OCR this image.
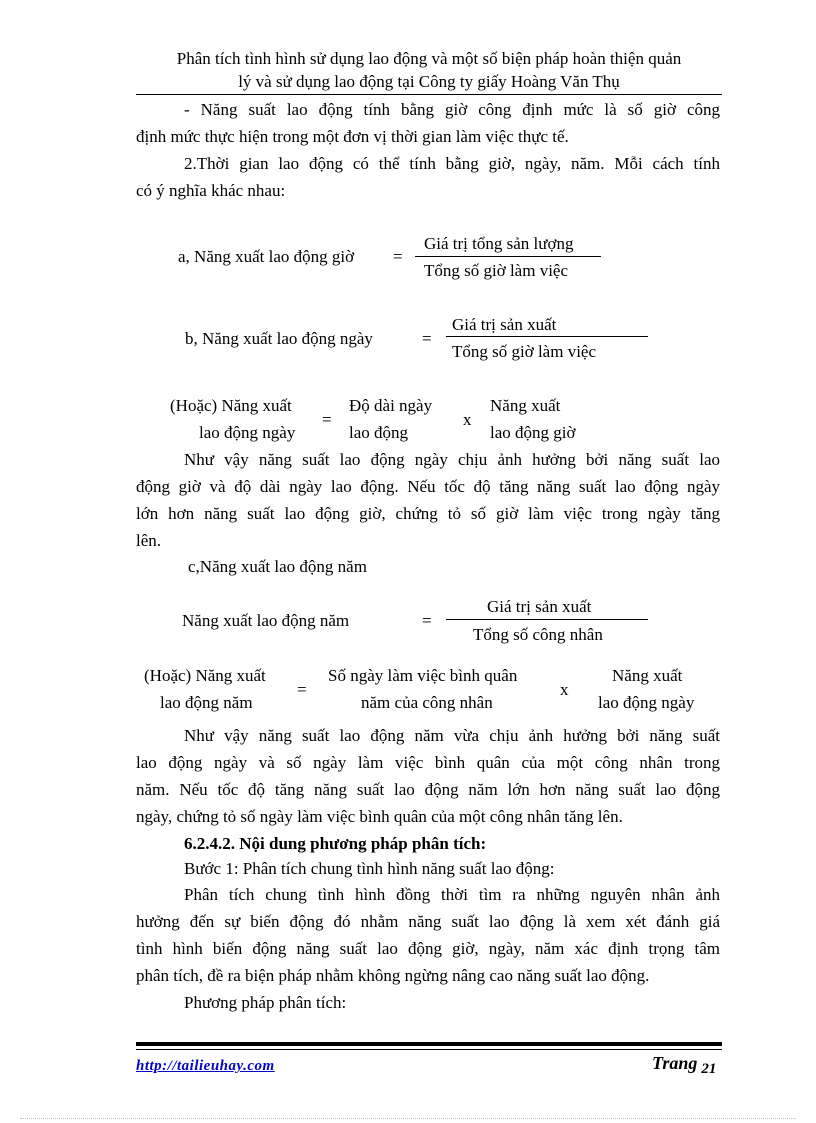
Phân tích tình hình sử dụng lao động và một số biện pháp hoàn thiện quản
lý và sử dụng lao động tại Công ty giấy Hoàng Văn Thụ
- Năng suất lao động tính bằng giờ công định mức là số giờ công
định mức thực hiện trong một đơn vị thời gian làm việc thực tế.
2.Thời gian lao động có thể tính bằng giờ, ngày, năm. Mỗi cách tính
có ý nghĩa khác nhau:
a, Năng xuất lao động giờ =
Giá trị tổng sản lượng
Tổng số giờ làm việc
b, Năng xuất lao động ngày	=
Giá trị sản xuất
Tổng số giờ làm việc
(Hoặc) Năng xuất
lao động ngày
=
Độ dài ngày
lao động
x
Năng xuất
lao động giờ
Như vậy năng suất lao động ngày chịu ảnh hưởng bởi năng suất lao
động giờ và độ dài ngày lao động. Nếu tốc độ tăng năng suất lao động ngày
lớn hơn năng suất lao động giờ, chứng tỏ số giờ làm việc trong ngày tăng
lên.
c,Năng xuất lao động năm
Năng xuất lao động năm	=
Giá trị sản xuất
Tổng số công nhân
(Hoặc) Năng xuất
lao động năm
=
Số ngày làm việc bình quân
năm của công nhân
x
Năng xuất
lao động ngày
Như vậy năng suất lao động năm vừa chịu ảnh hưởng bởi năng suất
lao động ngày và số ngày làm việc bình quân của một công nhân trong
năm. Nếu tốc độ tăng năng suất lao động năm lớn hơn năng suất lao động
ngày, chứng tỏ số ngày làm việc bình quân của một công nhân tăng lên.
6.2.4.2. Nội dung phương pháp phân tích:
Bước 1: Phân tích chung tình hình năng suất lao động:
Phân tích chung tình hình đồng thời tìm ra những nguyên nhân ảnh
hưởng đến sự biến động đó nhằm năng suất lao động là xem xét đánh giá
tình hình biến động năng suất lao động giờ, ngày, năm xác định trọng tâm
phân tích, đề ra biện pháp nhằm không ngừng nâng cao năng suất lao động.
Phương pháp phân tích:
http://tailieuhay.com	Trang $_{21}$
